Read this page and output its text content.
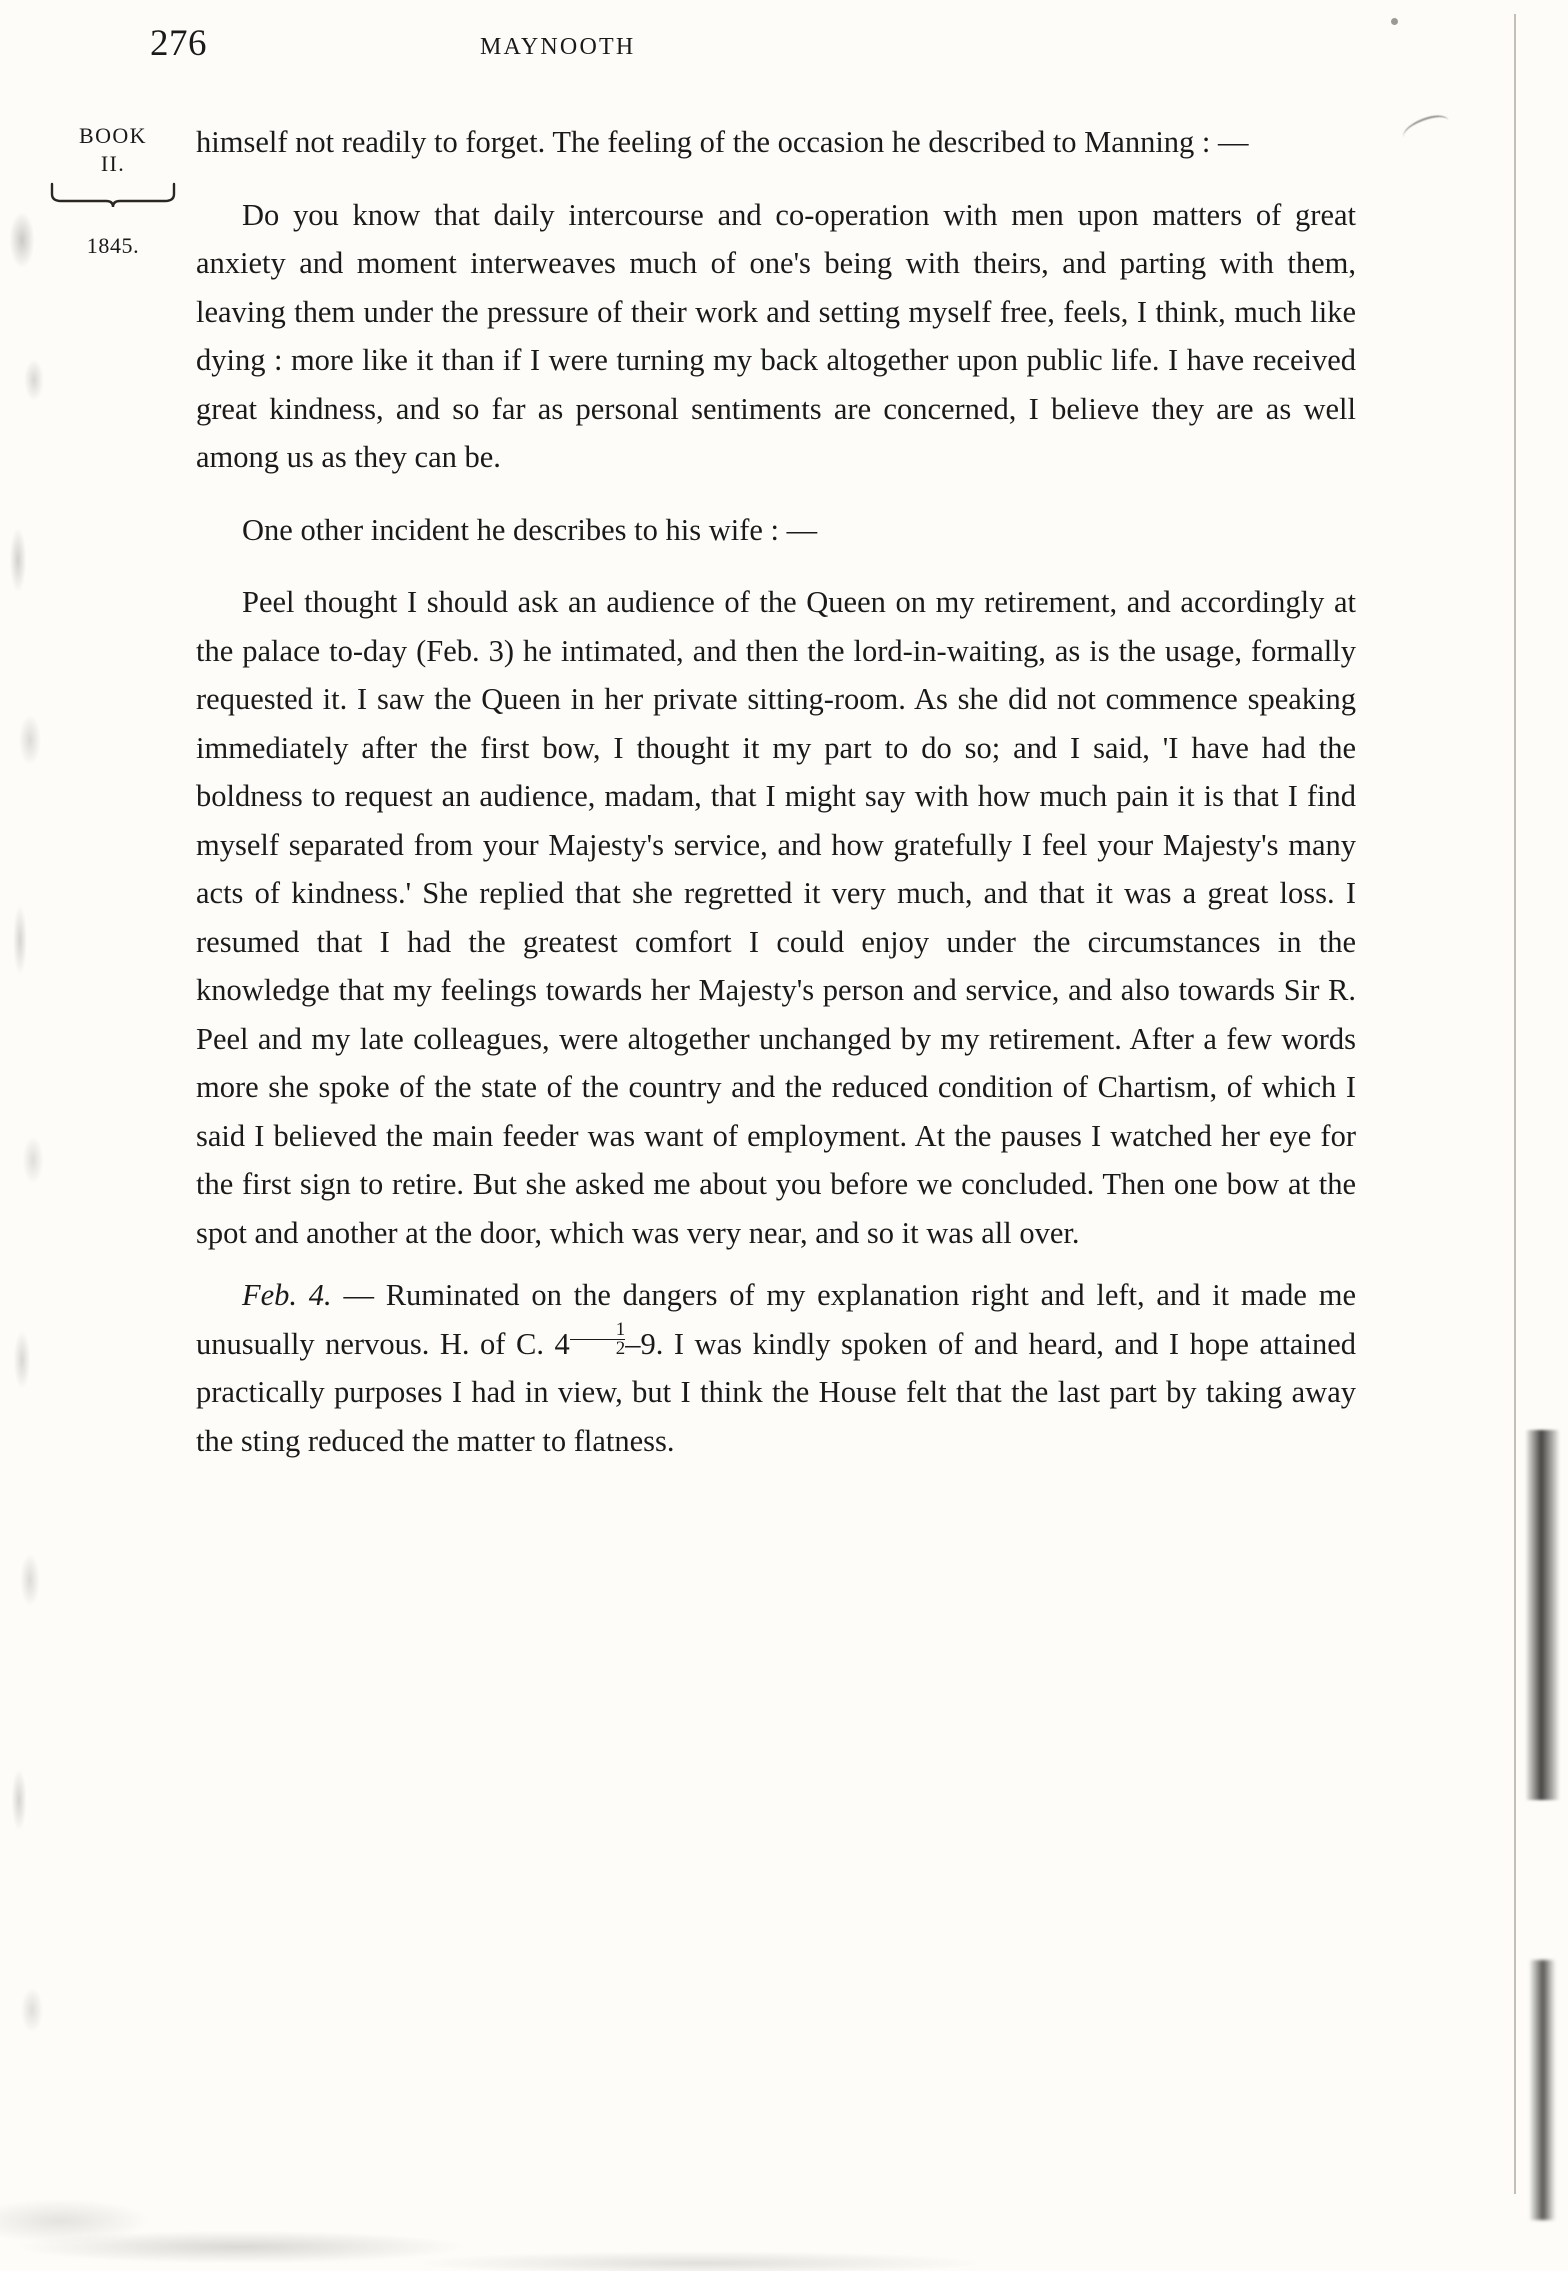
276	MAYNOOTH
BOOK
II.
1845.

himself not readily to forget. The feeling of the occasion he described to Manning : —

Do you know that daily intercourse and co-operation with men upon matters of great anxiety and moment interweaves much of one's being with theirs, and parting with them, leaving them under the pressure of their work and setting myself free, feels, I think, much like dying : more like it than if I were turning my back altogether upon public life. I have received great kindness, and so far as personal sentiments are concerned, I believe they are as well among us as they can be.

One other incident he describes to his wife : —

Peel thought I should ask an audience of the Queen on my retirement, and accordingly at the palace to-day (Feb. 3) he intimated, and then the lord-in-waiting, as is the usage, formally requested it. I saw the Queen in her private sitting-room. As she did not commence speaking immediately after the first bow, I thought it my part to do so; and I said, 'I have had the boldness to request an audience, madam, that I might say with how much pain it is that I find myself separated from your Majesty's service, and how gratefully I feel your Majesty's many acts of kindness.' She replied that she regretted it very much, and that it was a great loss. I resumed that I had the greatest comfort I could enjoy under the circumstances in the knowledge that my feelings towards her Majesty's person and service, and also towards Sir R. Peel and my late colleagues, were altogether unchanged by my retirement. After a few words more she spoke of the state of the country and the reduced condition of Chartism, of which I said I believed the main feeder was want of employment. At the pauses I watched her eye for the first sign to retire. But she asked me about you before we concluded. Then one bow at the spot and another at the door, which was very near, and so it was all over.

Feb. 4. — Ruminated on the dangers of my explanation right and left, and it made me unusually nervous. H. of C. $4 \frac{1}{2} -9$. I was kindly spoken of and heard, and I hope attained practically purposes I had in view, but I think the House felt that the last part by taking away the sting reduced the matter to flatness.
